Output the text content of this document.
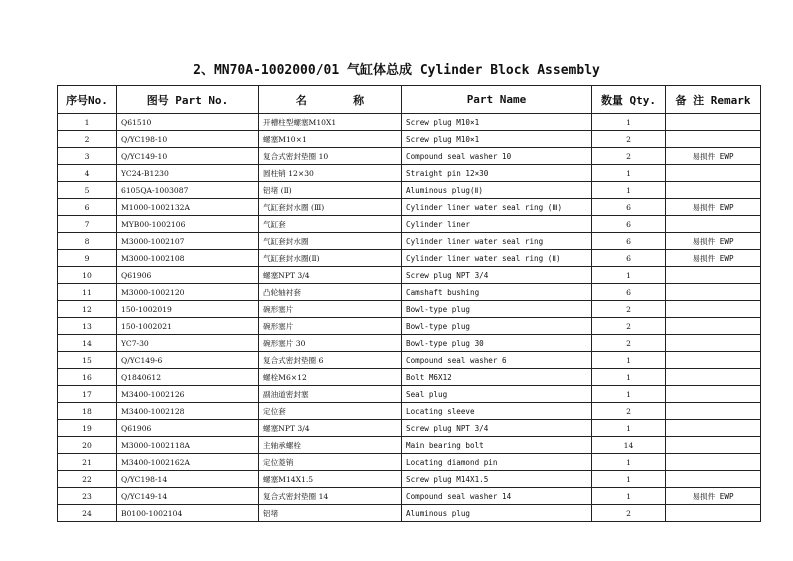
2、MN70A-1002000/01 气缸体总成 Cylinder Block Assembly
序号No.	图号 Part No.	名       称	Part Name	数量 Qty.	备 注 Remark
1	Q61510	开槽柱型螺塞M10X1	Screw plug M10×1	1	
2	Q/YC198-10	螺塞M10×1	Screw plug M10×1	2	
3	Q/YC149-10	复合式密封垫圈 10	Compound seal washer 10	2	易损件 EWP
4	YC24-B1230	圆柱销 12×30	Straight pin 12×30	1	
5	6105QA-1003087	铝堵 (Ⅱ)	Aluminous plug(Ⅱ)	1	
6	M1000-1002132A	气缸套封水圈 (Ⅲ)	Cylinder liner water seal ring (Ⅲ)	6	易损件 EWP
7	MYB00-1002106	气缸套	Cylinder liner	6	
8	M3000-1002107	气缸套封水圈	Cylinder liner water seal ring	6	易损件 EWP
9	M3000-1002108	气缸套封水圈(Ⅱ)	Cylinder liner water seal ring (Ⅱ)	6	易损件 EWP
10	Q61906	螺塞NPT 3/4	Screw plug NPT 3/4	1	
11	M3000-1002120	凸轮轴衬套	Camshaft bushing	6	
12	150-1002019	碗形塞片	Bowl-type plug	2	
13	150-1002021	碗形塞片	Bowl-type plug	2	
14	YC7-30	碗形塞片 30	Bowl-type plug 30	2	
15	Q/YC149-6	复合式密封垫圈 6	Compound seal washer 6	1	
16	Q1840612	螺栓M6×12	Bolt M6X12	1	
17	M3400-1002126	副油道密封塞	Seal plug	1	
18	M3400-1002128	定位套	Locating sleeve	2	
19	Q61906	螺塞NPT 3/4	Screw plug NPT 3/4	1	
20	M3000-1002118A	主轴承螺栓	Main bearing bolt	14	
21	M3400-1002162A	定位菱销	Locating diamond pin	1	
22	Q/YC198-14	螺塞M14X1.5	Screw plug M14X1.5	1	
23	Q/YC149-14	复合式密封垫圈 14	Compound seal washer 14	1	易损件 EWP
24	B0100-1002104	铝堵	Aluminous plug	2	
